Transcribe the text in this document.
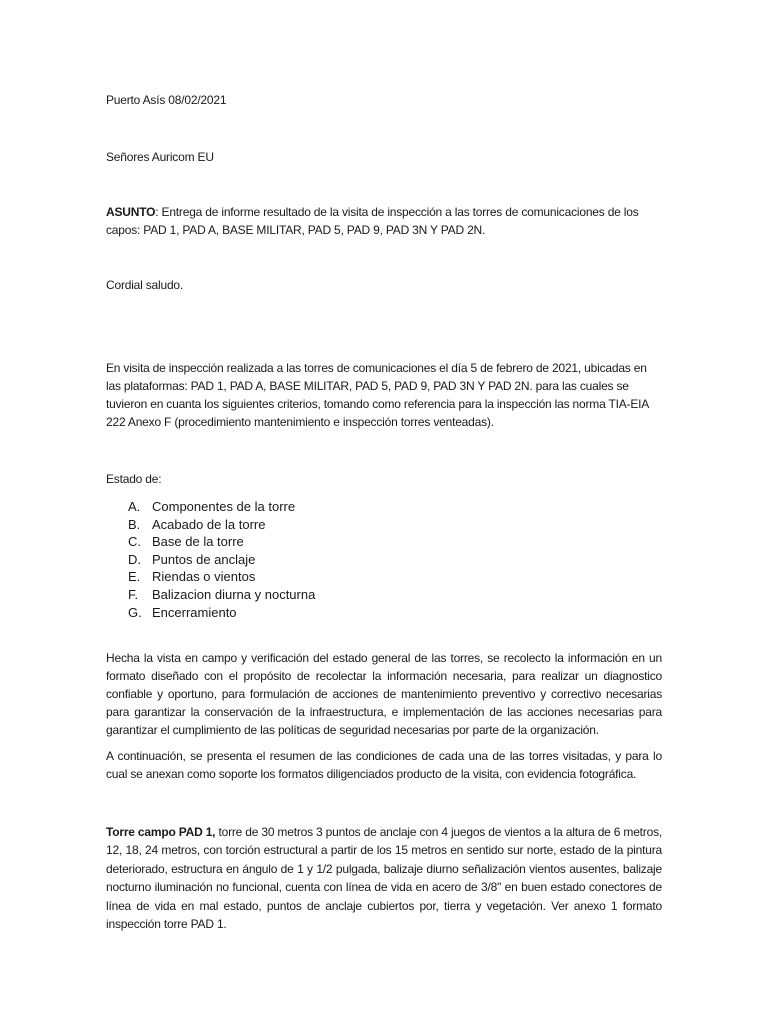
Puerto Asís 08/02/2021
Señores Auricom EU
ASUNTO: Entrega de informe resultado de la visita de inspección a las torres de comunicaciones de los capos: PAD 1, PAD A, BASE MILITAR, PAD 5, PAD 9, PAD 3N Y PAD 2N.
Cordial saludo.
En visita de inspección realizada a las torres de comunicaciones el día 5 de febrero de 2021, ubicadas en las plataformas: PAD 1, PAD A, BASE MILITAR, PAD 5, PAD 9, PAD 3N Y PAD 2N. para las cuales se tuvieron en cuanta los siguientes criterios, tomando como referencia para la inspección las norma TIA-EIA 222 Anexo F (procedimiento mantenimiento e inspección torres venteadas).
Estado de:
A. Componentes de la torre
B. Acabado de la torre
C. Base de la torre
D. Puntos de anclaje
E. Riendas o vientos
F.	Balizacion diurna y nocturna
G. Encerramiento
Hecha la vista en campo y verificación del estado general de las torres, se recolecto la información en un formato diseñado con el propósito de recolectar la información necesaria, para realizar un diagnostico confiable y oportuno, para formulación de acciones de mantenimiento preventivo y correctivo necesarias para garantizar la conservación de la infraestructura, e implementación de las acciones necesarias para garantizar el cumplimiento de las políticas de seguridad necesarias por parte de la organización.
A continuación, se presenta el resumen de las condiciones de cada una de las torres visitadas, y para lo cual se anexan como soporte los formatos diligenciados producto de la visita, con evidencia fotográfica.
Torre campo PAD 1, torre de 30 metros 3 puntos de anclaje con 4 juegos de vientos a la altura de 6 metros, 12, 18, 24 metros, con torción estructural a partir de los 15 metros en sentido sur norte, estado de la pintura deteriorado, estructura en ángulo de 1 y 1/2 pulgada, balizaje diurno señalización vientos ausentes, balizaje nocturno iluminación no funcional, cuenta con línea de vida en acero de 3/8" en buen estado conectores de línea de vida en mal estado, puntos de anclaje cubiertos por, tierra y vegetación. Ver anexo 1 formato inspección torre PAD 1.
